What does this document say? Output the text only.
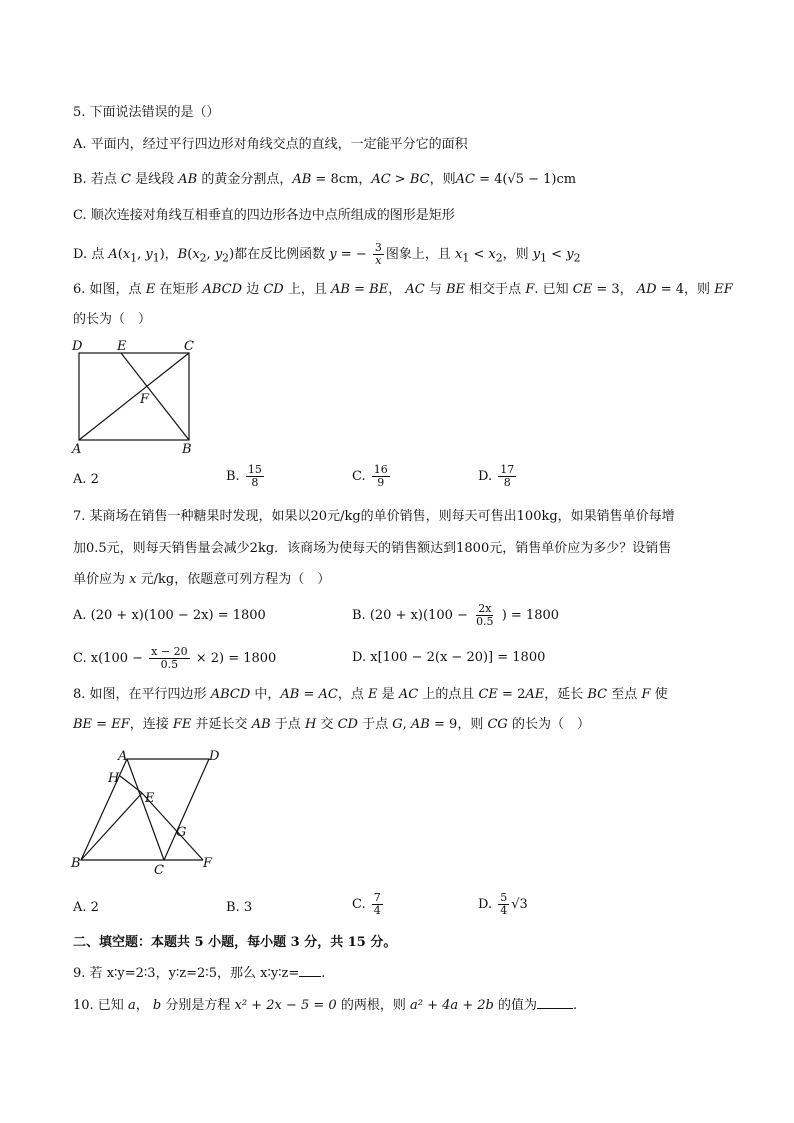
5. 下面说法错误的是（）
A. 平面内，经过平行四边形对角线交点的直线，一定能平分它的面积
B. 若点 C 是线段 AB 的黄金分割点，AB = 8cm，AC > BC，则AC = 4(√5 − 1)cm
C. 顺次连接对角线互相垂直的四边形各边中点所组成的图形是矩形
D. 点 $A(x_1$, $y_1$)，$B(x_2$, $y_2$)都在反比例函数 y = − $\frac{3}{x}$ 图象上，且 $x_1 < x_2$，则 $y_1 < y_2$
6. 如图，点 E 在矩形 ABCD 边 CD 上，且 AB = BE， AC 与 BE 相交于点 F. 已知 CE = 3， AD = 4，则 EF
的长为（　）
D	E	C
F
A	B
A. 2	B. $\frac{15}{8}$	C. $\frac{16}{9}$	D. $\frac{17}{8}$
7. 某商场在销售一种糖果时发现，如果以20元/kg的单价销售，则每天可售出100kg，如果销售单价每增
加0.5元，则每天销售量会减少2kg．该商场为使每天的销售额达到1800元，销售单价应为多少？设销售
单价应为 x 元/kg，依题意可列方程为（　）
A. (20 + x)(100 − 2x) = 1800	B. $(20 + x)(100 - \frac{2x}{0.5}$ ) = 1800
C. $x(100 - \frac{x - 20}{0.5} \times 2) = 1800$	D. x[100 − 2(x − 20)] = 1800
8. 如图，在平行四边形 ABCD 中，AB = AC，点 E 是 AC 上的点且 CE = 2AE，延长 BC 至点 F 使
BE = EF，连接 FE 并延长交 AB 于点 H 交 CD 于点 G, AB = 9，则 CG 的长为（　）
A	D
H
E
G
B	C	F
A. 2	B. 3	C. $\frac{7}{4}$	D. $\frac{5}{4} √3$
二、填空题：本题共 5 小题，每小题 3 分，共 15 分。
9. 若 x∶y=2∶3，y∶z=2∶5，那么 x∶y∶z= .
10. 已知 a， b 分别是方程 x² + 2x − 5 = 0 的两根，则 a² + 4a + 2b 的值为	.
